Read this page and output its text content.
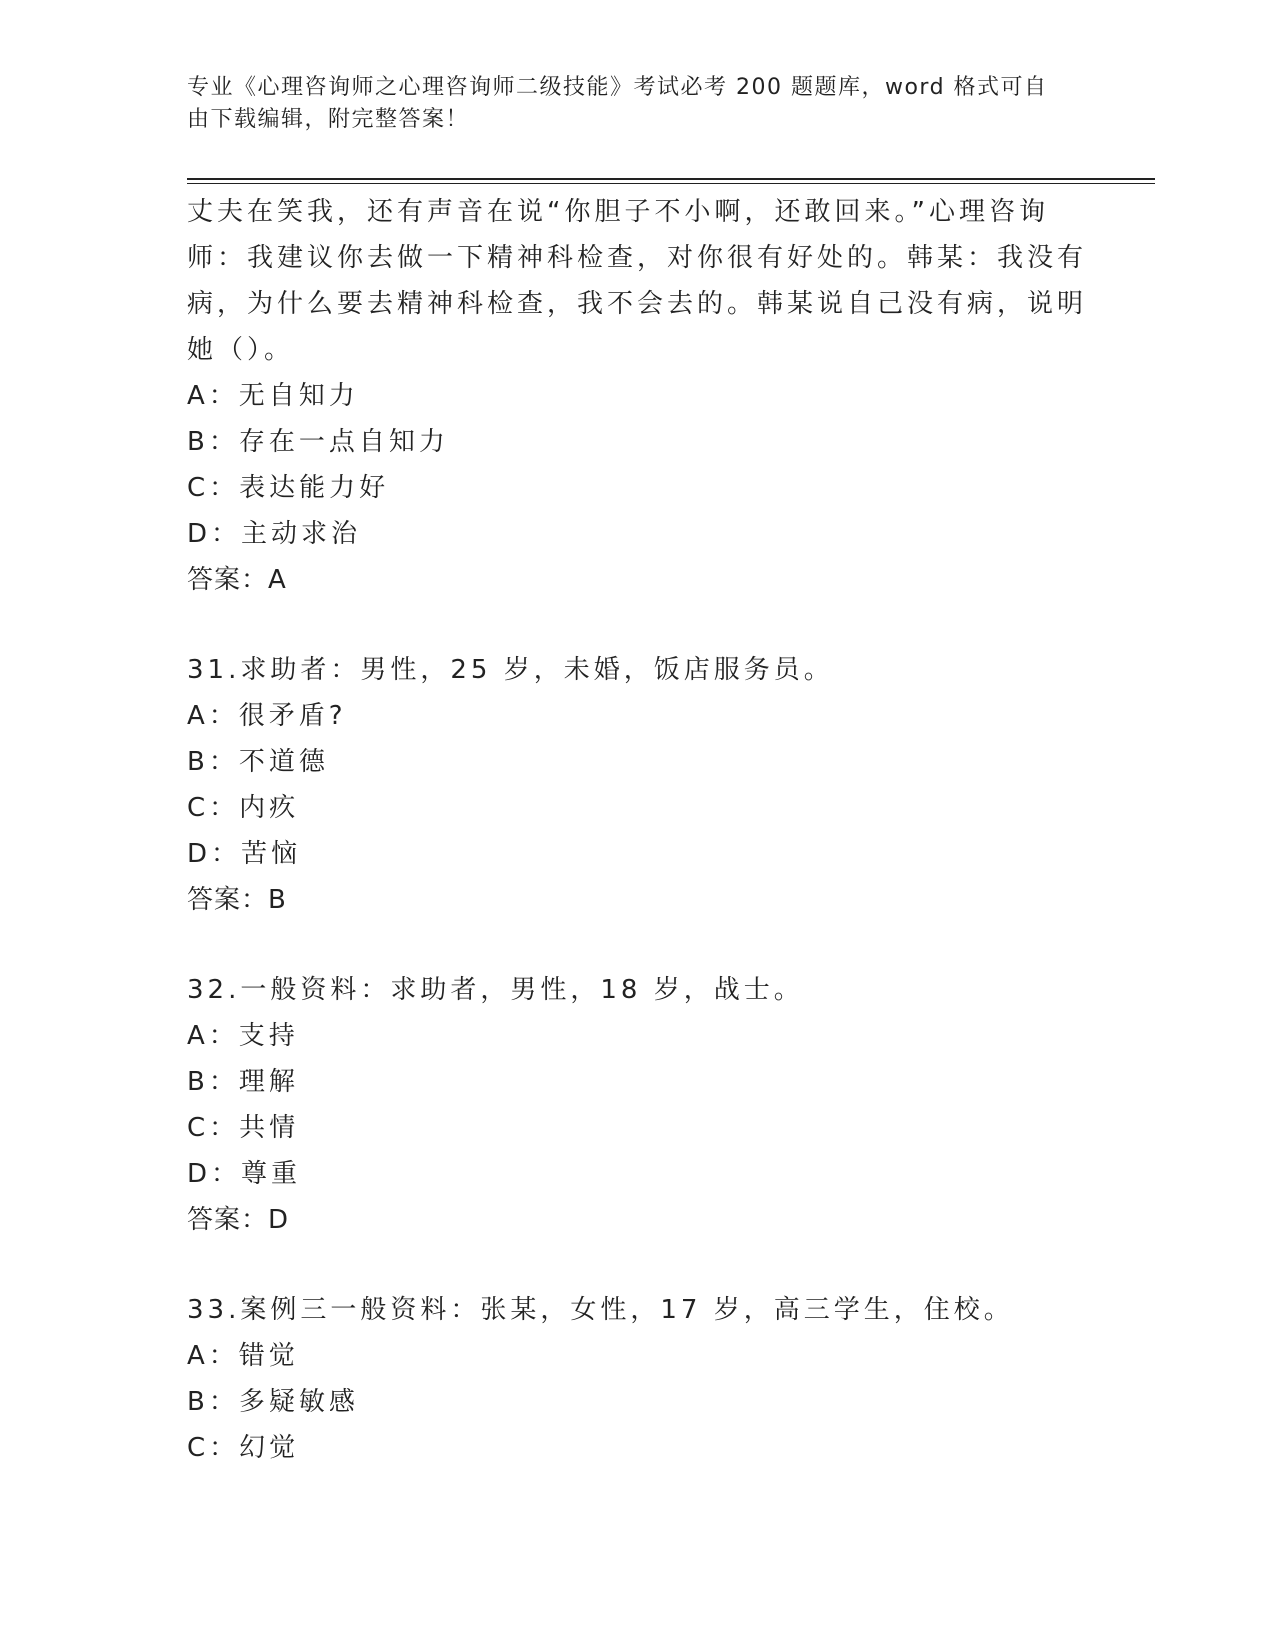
专业《心理咨询师之心理咨询师二级技能》考试必考 200 题题库，word 格式可自
由下载编辑，附完整答案！
丈夫在笑我，还有声音在说“你胆子不小啊，还敢回来。”心理咨询
师：我建议你去做一下精神科检查，对你很有好处的。韩某：我没有
病，为什么要去精神科检查，我不会去的。韩某说自己没有病，说明
她（）。
A：无自知力
B：存在一点自知力
C：表达能力好
D：主动求治
答案：A
31.求助者：男性，25 岁，未婚，饭店服务员。
A：很矛盾?
B：不道德
C：内疚
D：苦恼
答案：B
32.一般资料：求助者，男性，18 岁，战士。
A：支持
B：理解
C：共情
D：尊重
答案：D
33.案例三一般资料：张某，女性，17 岁，高三学生，住校。
A：错觉
B：多疑敏感
C：幻觉
